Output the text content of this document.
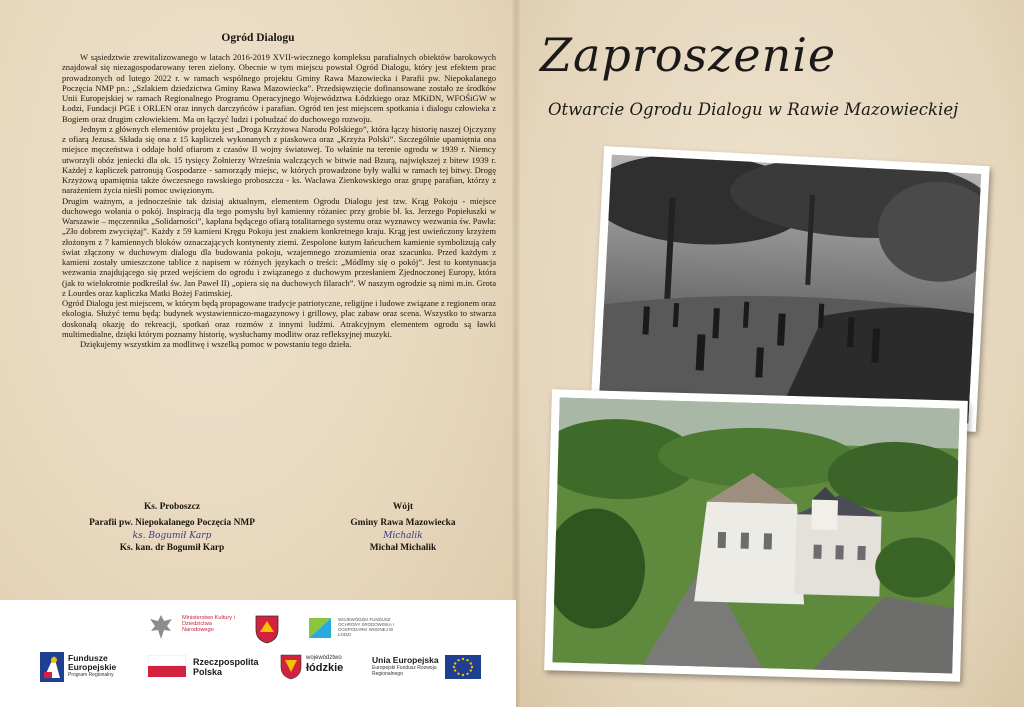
Ogród Dialogu

W sąsiedztwie zrewitalizowanego w latach 2016-2019 XVII-wiecznego kompleksu parafialnych obiektów barokowych znajdował się niezagospodarowany teren zielony. Obecnie w tym miejscu powstał Ogród Dialogu, który jest efektem prac prowadzonych od lutego 2022 r. w ramach wspólnego projektu Gminy Rawa Mazowiecka i Parafii pw. Niepokalanego Poczęcia NMP pn.: „Szlakiem dziedzictwa Gminy Rawa Mazowiecka”. Przedsięwzięcie dofinansowane zostało ze środków Unii Europejskiej w ramach Regionalnego Programu Operacyjnego Województwa Łódzkiego oraz MKiDN, WFOŚiGW w Łodzi, Fundacji PGE i ORLEN oraz innych darczyńców i parafian. Ogród ten jest miejscem spotkania i dialogu człowieka z Bogiem oraz drugim człowiekiem. Ma on łączyć ludzi i pobudzać do duchowego rozwoju.

Jednym z głównych elementów projektu jest „Droga Krzyżowa Narodu Polskiego”, która łączy historię naszej Ojczyzny z ofiarą Jezusa. Składa się ona z 15 kapliczek wykonanych z piaskowca oraz „Krzyża Polski”. Szczególnie upamiętnia ona miejsce męczeństwa i oddaje hołd ofiarom z czasów II wojny światowej. To właśnie na terenie ogrodu w 1939 r. Niemcy utworzyli obóz jeniecki dla ok. 15 tysięcy Żołnierzy Września walczących w bitwie nad Bzurą, największej z bitew 1939 r. Każdej z kapliczek patronują Gospodarze - samorządy miejsc, w których prowadzone były walki w ramach tej bitwy. Drogę Krzyżową upamiętnia także ówczesnego rawskiego proboszcza - ks. Wacława Zienkowskiego oraz grupę parafian, którzy z narażeniem życia nieśli pomoc uwięzionym.

Drugim ważnym, a jednocześnie tak dzisiaj aktualnym, elementem Ogrodu Dialogu jest tzw. Krąg Pokoju - miejsce duchowego wołania o pokój. Inspiracją dla tego pomysłu był kamienny różaniec przy grobie bł. ks. Jerzego Popiełuszki w Warszawie – męczennika „Solidarności”, kapłana będącego ofiarą totalitarnego systemu oraz wyznawcy wezwania św. Pawła: „Zło dobrem zwyciężaj”. Każdy z 59 kamieni Kręgu Pokoju jest znakiem konkretnego kraju. Krąg jest uwieńczony krzyżem złożonym z 7 kamiennych bloków oznaczających kontynenty ziemi. Zespolone kutym łańcuchem kamienie symbolizują cały świat złączony w duchowym dialogu dla budowania pokoju, wzajemnego zrozumienia oraz szacunku. Przed każdym z kamieni zostały umieszczone tablice z napisem w różnych językach o treści: „Módlmy się o pokój”. Jest to kontynuacja wezwania znajdującego się przed wejściem do ogrodu i związanego z duchowym przesłaniem Zjednoczonej Europy, która (jak to wielokrotnie podkreślał św. Jan Paweł II) „opiera się na duchowych filarach”. W naszym ogrodzie są nimi m.in. Grota z Lourdes oraz kapliczka Matki Bożej Fatimskiej.

Ogród Dialogu jest miejscem, w którym będą propagowane tradycje patriotyczne, religijne i ludowe związane z regionem oraz ekologia. Służyć temu będą: budynek wystawienniczo-magazynowy i grillowy, plac zabaw oraz scena. Wszystko to stwarza doskonałą okazję do rekreacji, spotkań oraz rozmów z innymi ludźmi. Atrakcyjnym elementem ogrodu są ławki multimedialne, dzięki którym poznamy historię, wysłuchamy modlitw oraz refleksyjnej muzyki.

Dziękujemy wszystkim za modlitwę i wszelką pomoc w powstaniu tego dzieła.

Ks. Proboszcz
Parafii pw. Niepokalanego Poczęcia NMP
ks. Bogumił Karp
Ks. kan. dr Bogumił Karp
Wójt
Gminy Rawa Mazowiecka
Michalik
Michał Michalik
Ministerstwo Kultury i Dziedzictwa Narodowego
WOJEWÓDZKI FUNDUSZ OCHRONY ŚRODOWISKA I GOSPODARKI WODNEJ W ŁODZI
Fundusze Europejskie
Program Regionalny
Rzeczpospolita Polska
województwo
łódzkie
Unia Europejska
Europejski Fundusz Rozwoju Regionalnego
Zaproszenie
Otwarcie Ogrodu Dialogu w Rawie Mazowieckiej
